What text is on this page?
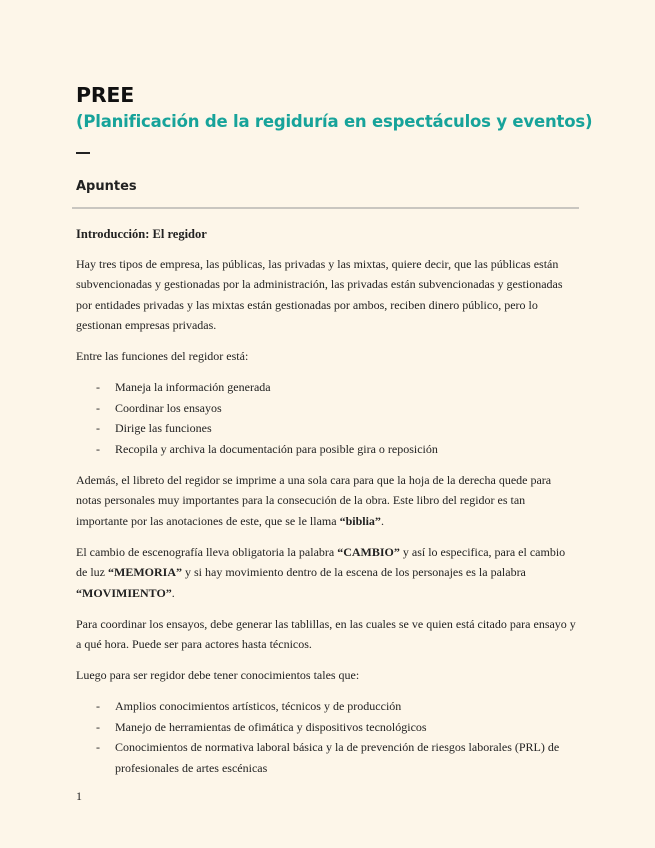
PREE
(Planificación de la regiduría en espectáculos y eventos)
Apuntes

Introducción: El regidor

Hay tres tipos de empresa, las públicas, las privadas y las mixtas, quiere decir, que las públicas están subvencionadas y gestionadas por la administración, las privadas están subvencionadas y gestionadas por entidades privadas y las mixtas están gestionadas por ambos, reciben dinero público, pero lo gestionan empresas privadas.

Entre las funciones del regidor está:

- Maneja la información generada
- Coordinar los ensayos
- Dirige las funciones
- Recopila y archiva la documentación para posible gira o reposición

Además, el libreto del regidor se imprime a una sola cara para que la hoja de la derecha quede para notas personales muy importantes para la consecución de la obra. Este libro del regidor es tan importante por las anotaciones de este, que se le llama “biblia”.

El cambio de escenografía lleva obligatoria la palabra “CAMBIO” y así lo especifica, para el cambio de luz “MEMORIA” y si hay movimiento dentro de la escena de los personajes es la palabra “MOVIMIENTO”.

Para coordinar los ensayos, debe generar las tablillas, en las cuales se ve quien está citado para ensayo y a qué hora. Puede ser para actores hasta técnicos.

Luego para ser regidor debe tener conocimientos tales que:

- Amplios conocimientos artísticos, técnicos y de producción
- Manejo de herramientas de ofimática y dispositivos tecnológicos
- Conocimientos de normativa laboral básica y la de prevención de riesgos laborales (PRL) de profesionales de artes escénicas
1
